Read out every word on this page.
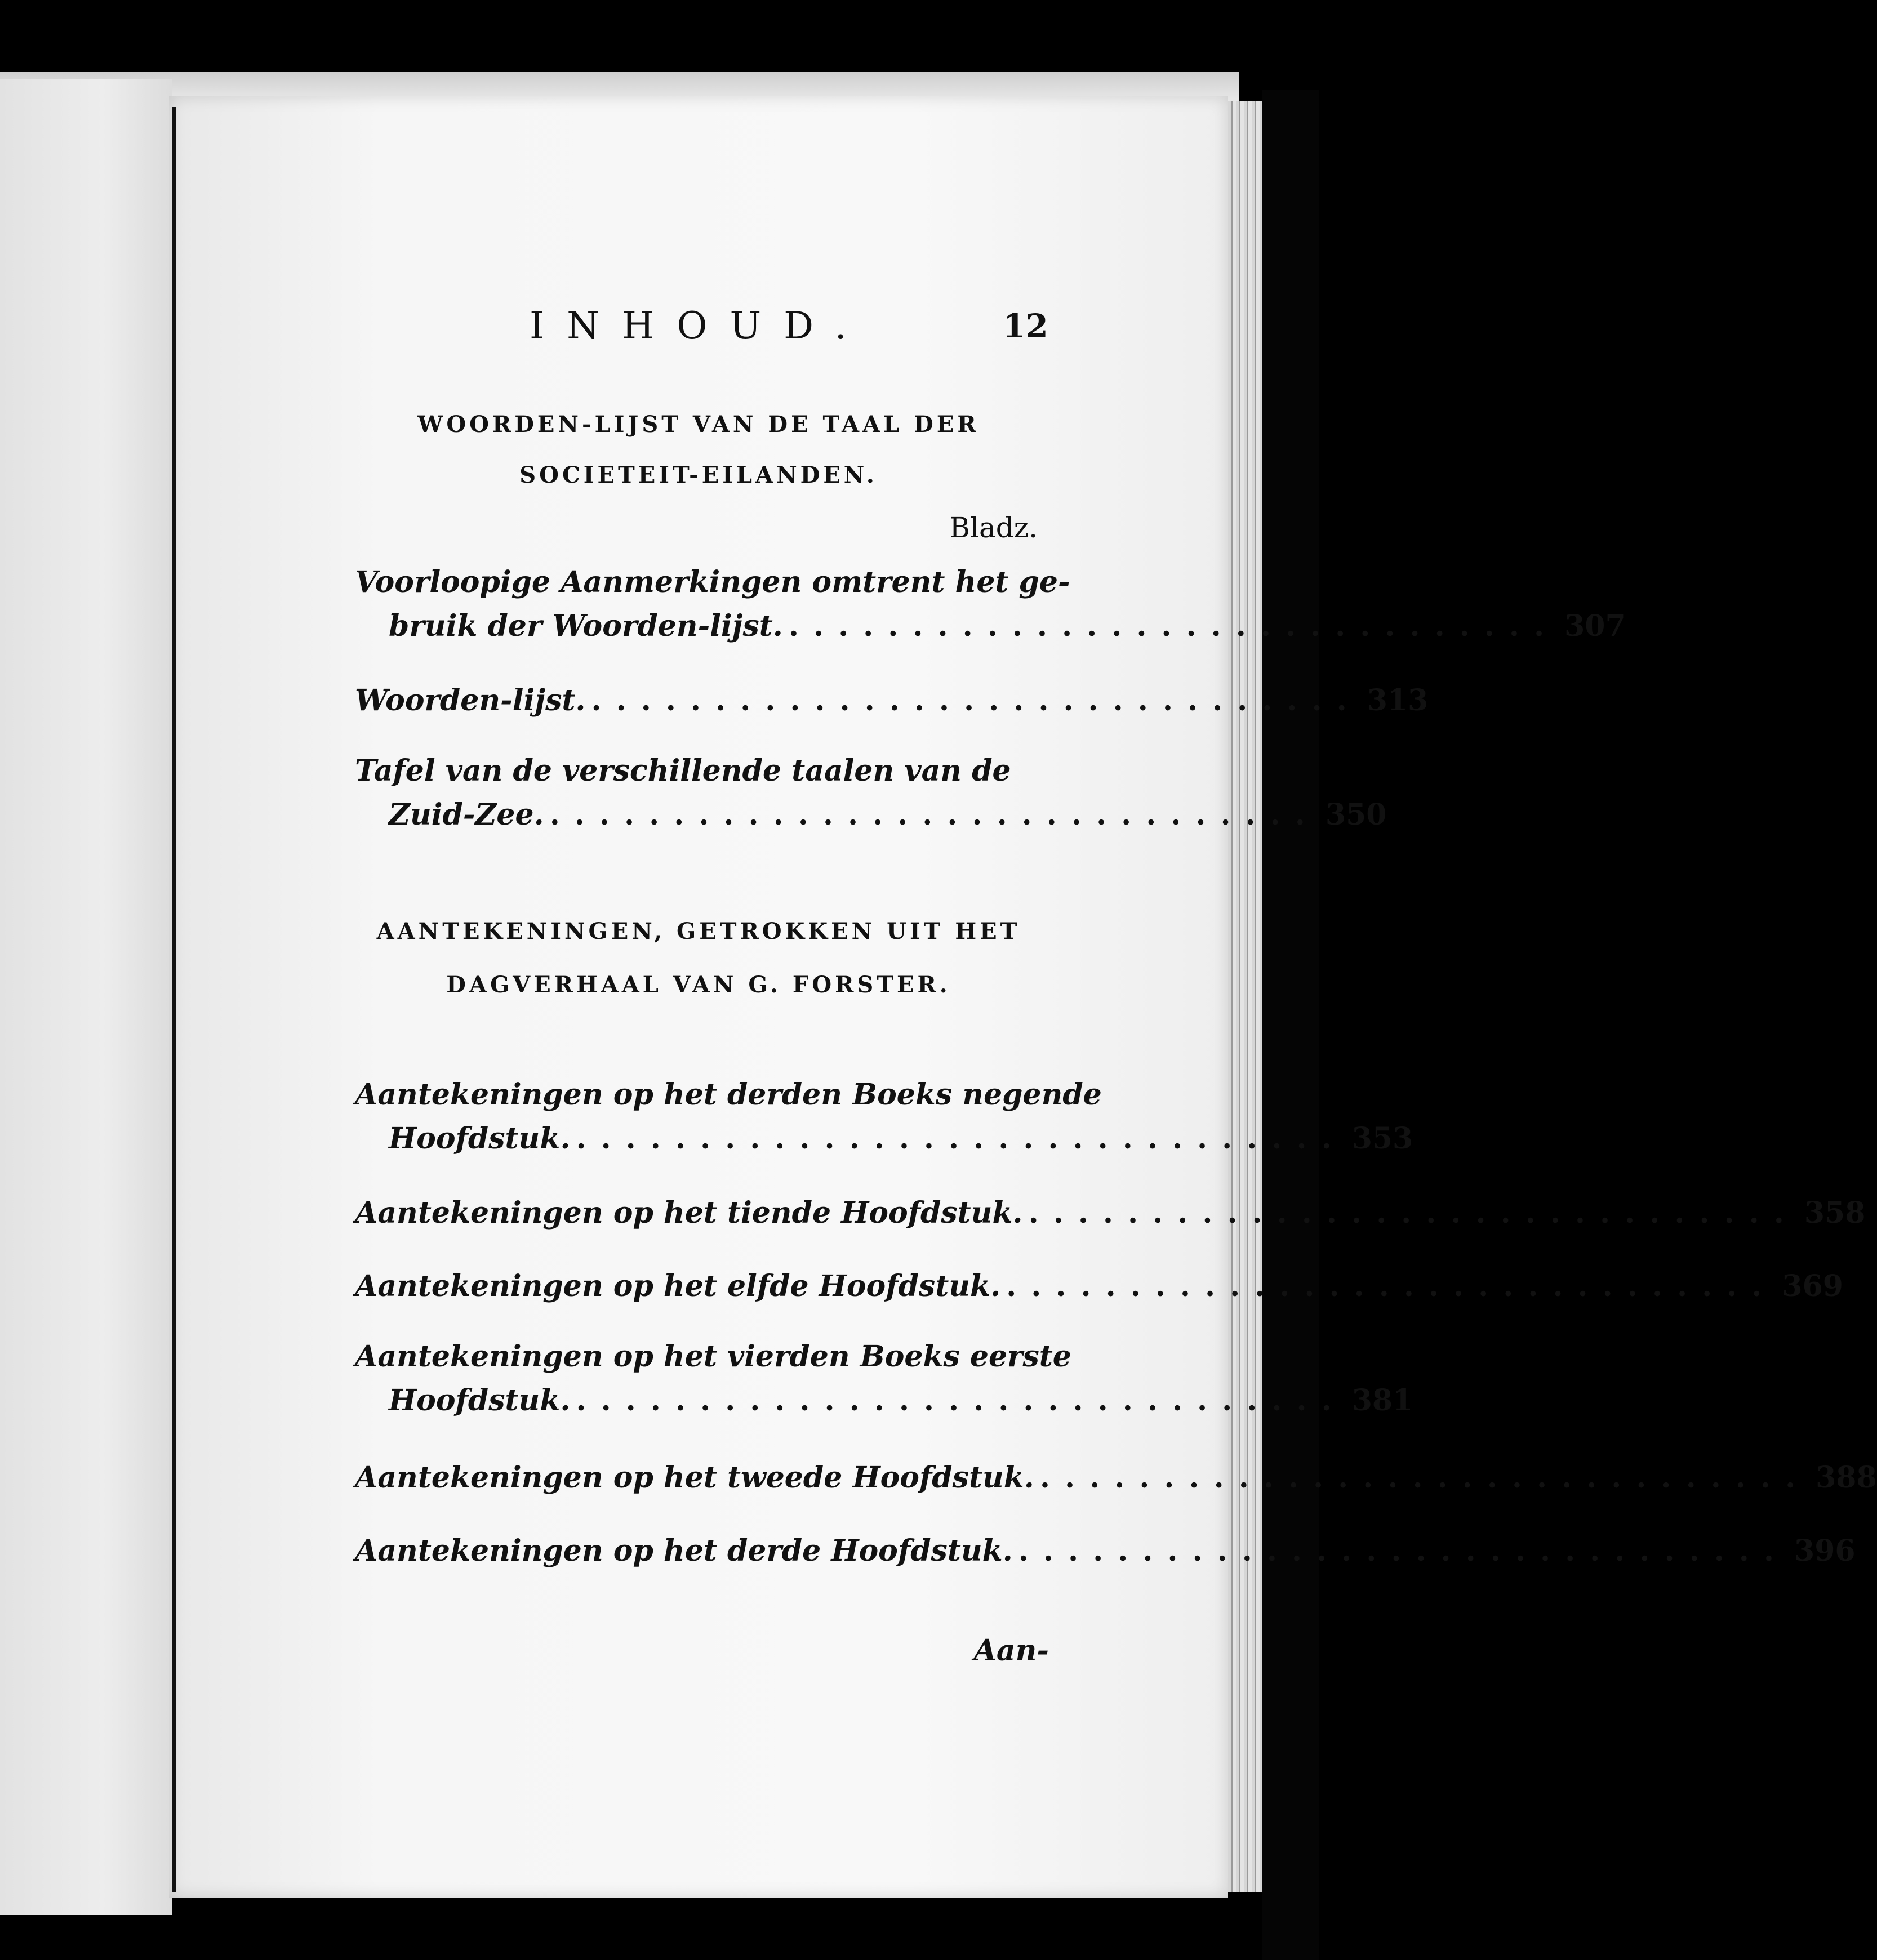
INHOUD.	12
WOORDEN-LIJST VAN DE TAAL DER
SOCIETEIT-EILANDEN.
Bladz.
Voorloopige Aanmerkingen omtrent het ge-
bruik der Woorden-lijst. ............................... 307
Woorden-lijst. ............................... 313
Tafel van de verschillende taalen van de
Zuid-Zee. ............................... 350
AANTEKENINGEN, GETROKKEN UIT HET
DAGVERHAAL VAN G. FORSTER.
Aantekeningen op het derden Boeks negende
Hoofdstuk. ............................... 353
Aantekeningen op het tiende Hoofdstuk. ............................... 358
Aantekeningen op het elfde Hoofdstuk. ............................... 369
Aantekeningen op het vierden Boeks eerste
Hoofdstuk. ............................... 381
Aantekeningen op het tweede Hoofdstuk. ............................... 388
Aantekeningen op het derde Hoofdstuk. ............................... 396
Aan-
